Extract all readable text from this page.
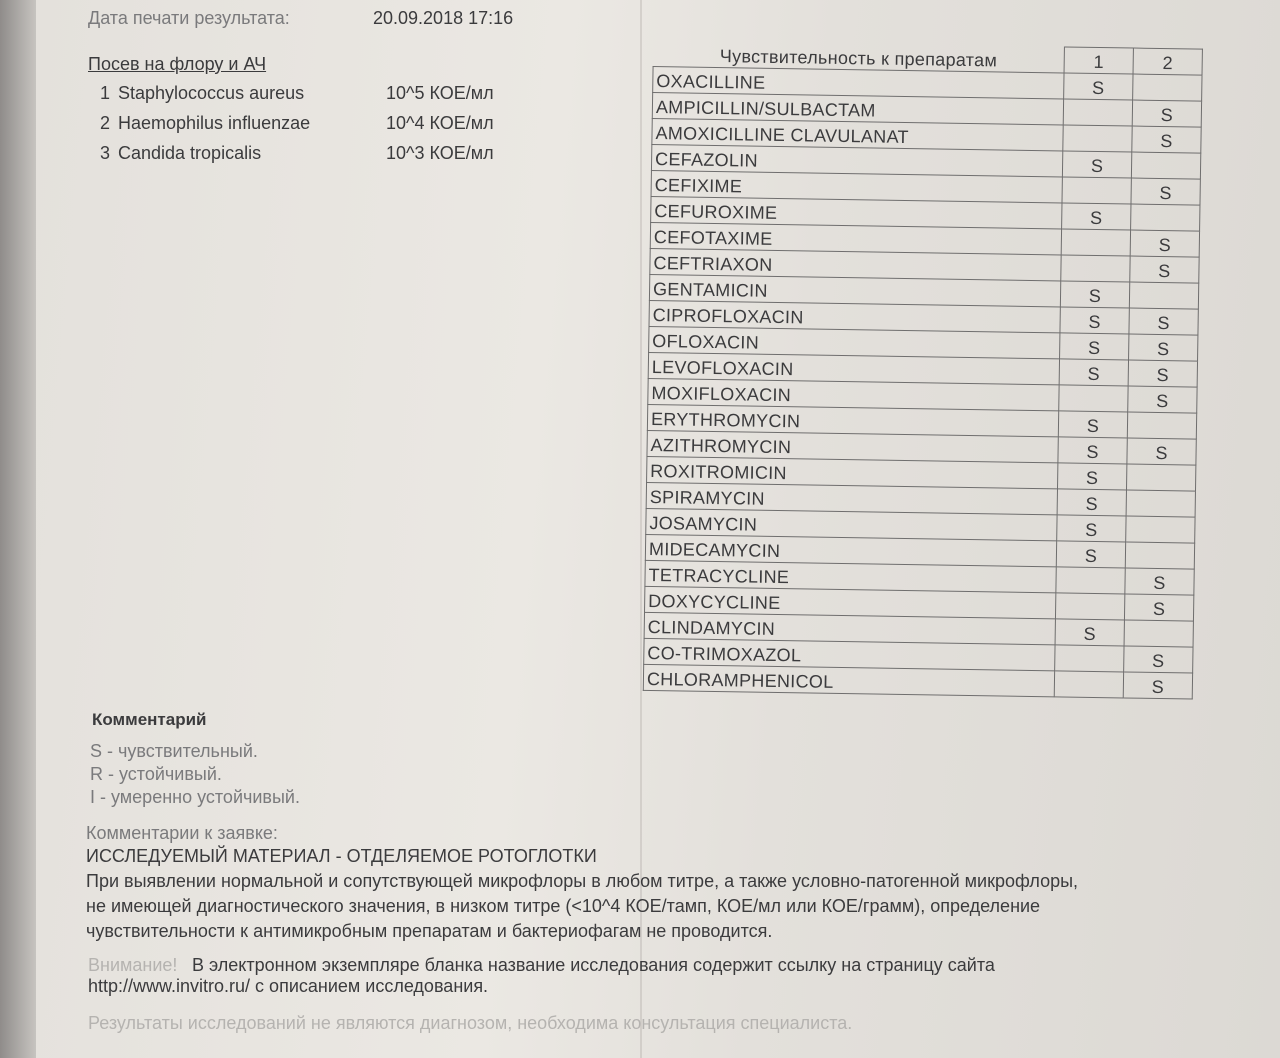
Дата печати результата:	20.09.2018 17:16
Посев на флору и АЧ
1 Staphylococcus aureus	10^5 КОЕ/мл
2 Haemophilus influenzae	10^4 КОЕ/мл
3 Candida tropicalis	10^3 КОЕ/мл
Чувствительность к препаратам	1	2
OXACILLINE	S	
AMPICILLIN/SULBACTAM		S
AMOXICILLINE CLAVULANAT		S
CEFAZOLIN	S	
CEFIXIME		S
CEFUROXIME	S	
CEFOTAXIME		S
CEFTRIAXON		S
GENTAMICIN	S	
CIPROFLOXACIN	S	S
OFLOXACIN	S	S
LEVOFLOXACIN	S	S
MOXIFLOXACIN		S
ERYTHROMYCIN	S	
AZITHROMYCIN	S	S
ROXITROMICIN	S	
SPIRAMYCIN	S	
JOSAMYCIN	S	
MIDECAMYCIN	S	
TETRACYCLINE		S
DOXYCYCLINE		S
CLINDAMYCIN	S	
CO-TRIMOXAZOL		S
CHLORAMPHENICOL		S
Комментарий
S - чувствительный.
R - устойчивый.
I - умеренно устойчивый.
Комментарии к заявке:
ИССЛЕДУЕМЫЙ МАТЕРИАЛ - ОТДЕЛЯЕМОЕ РОТОГЛОТКИ
При выявлении нормальной и сопутствующей микрофлоры в любом титре, а также условно-патогенной микрофлоры,
не имеющей диагностического значения, в низком титре (<10^4 КОЕ/тамп, КОЕ/мл или КОЕ/грамм), определение
чувствительности к антимикробным препаратам и бактериофагам не проводится.
Внимание! В электронном экземпляре бланка название исследования содержит ссылку на страницу сайта
http://www.invitro.ru/ с описанием исследования.
Результаты исследований не являются диагнозом, необходима консультация специалиста.
